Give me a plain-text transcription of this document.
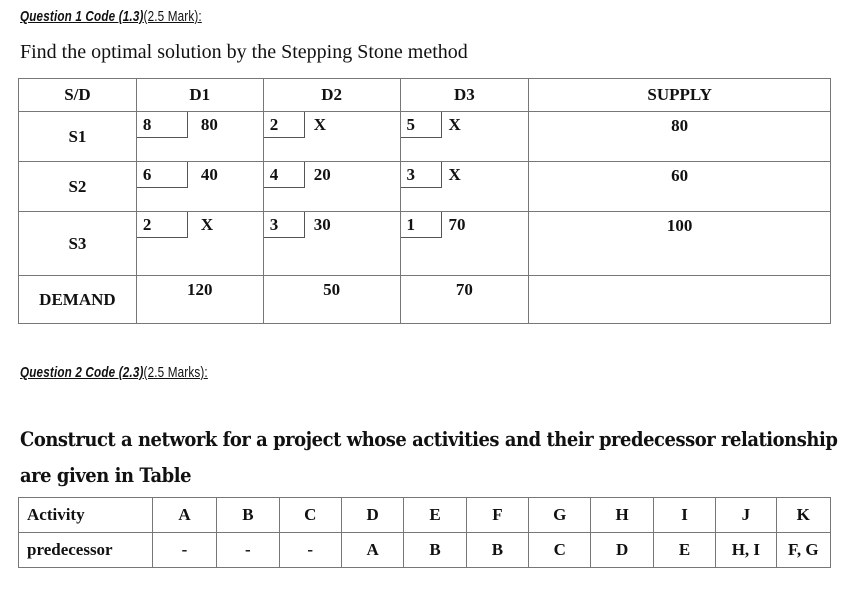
Question 1 Code (1.3)(2.5 Mark):
Find the optimal solution by the Stepping Stone method
S/D	D1	D2	D3	SUPPLY

S1	8 80	2 X	5 X	80

S2	6 40	4 20	3 X	60

S3	2 X	3 30	1 70	100

DEMAND	120	50	70	

Question 2 Code (2.3)(2.5 Marks):
Construct a network for a project whose activities and their predecessor relationship
are given in Table
Activity	A	B	C	D	E	F	G	H	I	J	K
predecessor	-	-	-	A	B	B	C	D	E	H, I	F, G
